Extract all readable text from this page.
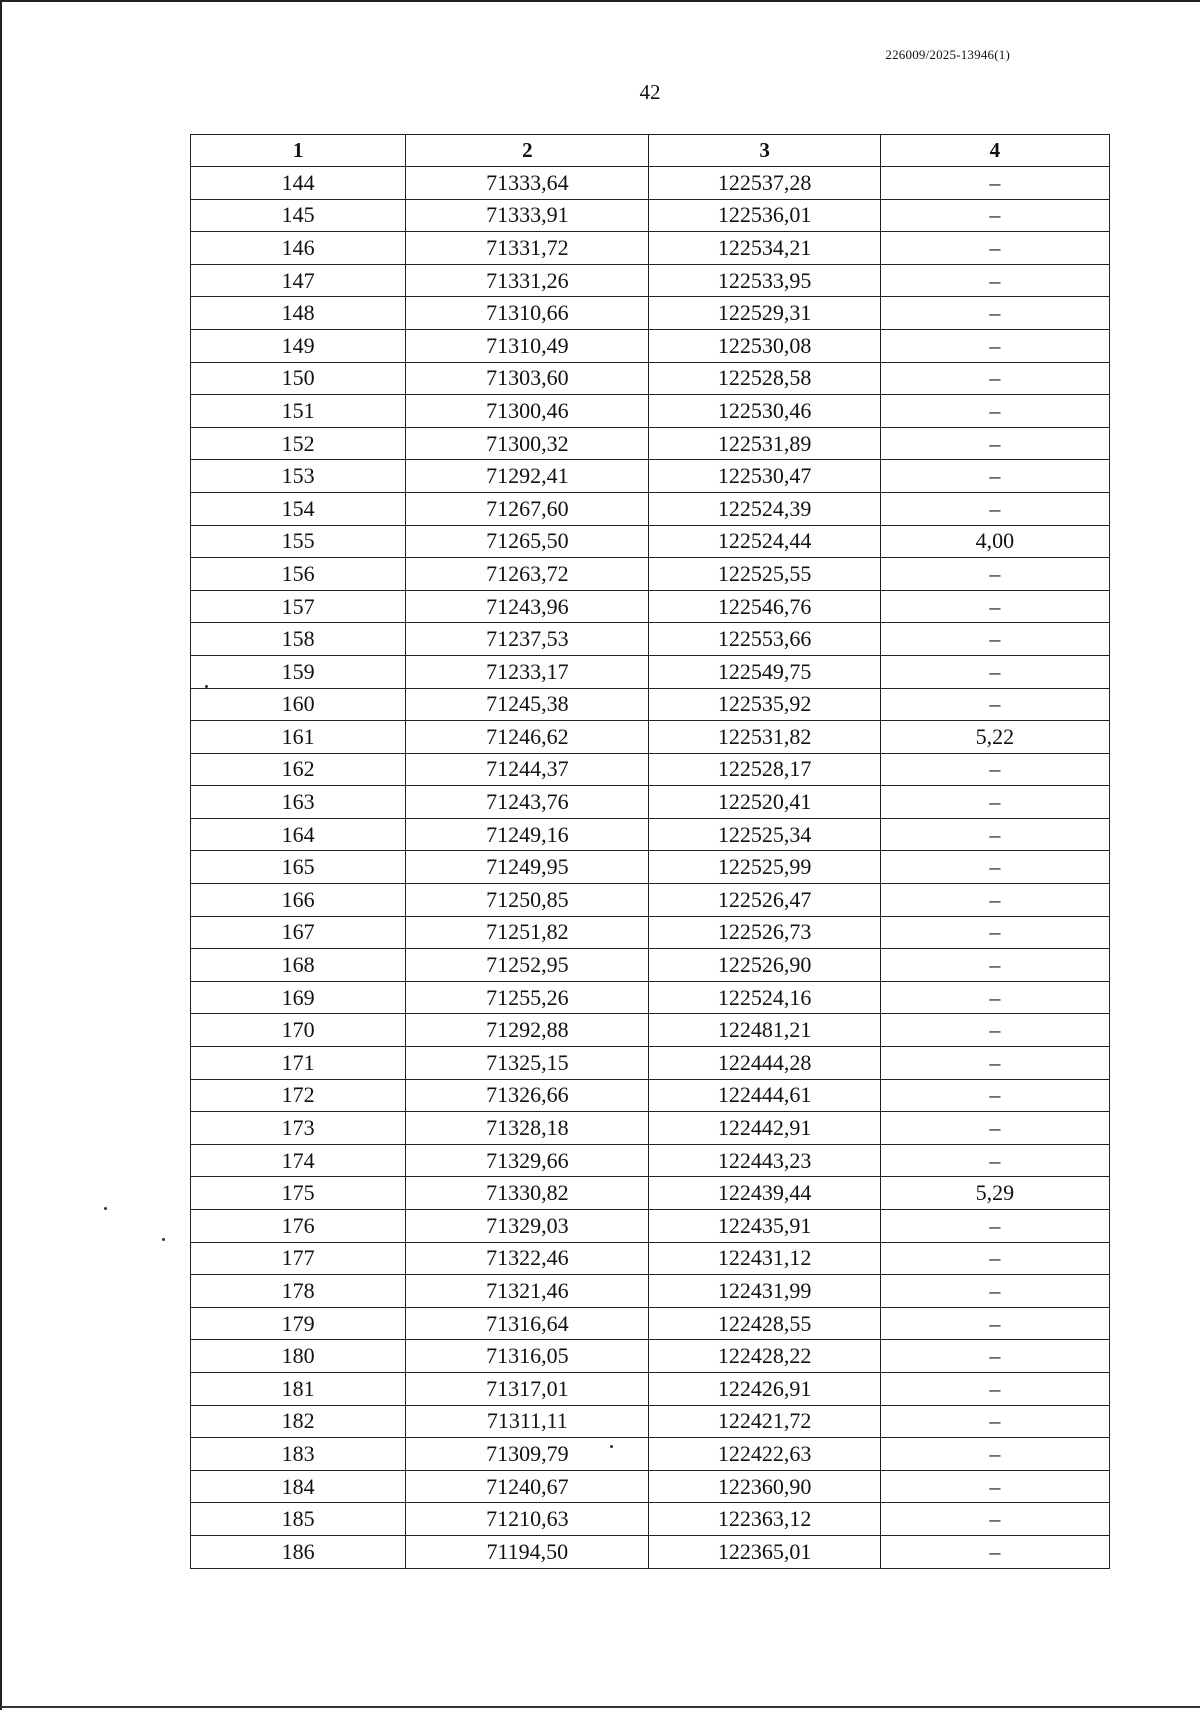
226009/2025-13946(1)
42
1	2	3	4
144	71333,64	122537,28	–
145	71333,91	122536,01	–
146	71331,72	122534,21	–
147	71331,26	122533,95	–
148	71310,66	122529,31	–
149	71310,49	122530,08	–
150	71303,60	122528,58	–
151	71300,46	122530,46	–
152	71300,32	122531,89	–
153	71292,41	122530,47	–
154	71267,60	122524,39	–
155	71265,50	122524,44	4,00
156	71263,72	122525,55	–
157	71243,96	122546,76	–
158	71237,53	122553,66	–
159	71233,17	122549,75	–
160	71245,38	122535,92	–
161	71246,62	122531,82	5,22
162	71244,37	122528,17	–
163	71243,76	122520,41	–
164	71249,16	122525,34	–
165	71249,95	122525,99	–
166	71250,85	122526,47	–
167	71251,82	122526,73	–
168	71252,95	122526,90	–
169	71255,26	122524,16	–
170	71292,88	122481,21	–
171	71325,15	122444,28	–
172	71326,66	122444,61	–
173	71328,18	122442,91	–
174	71329,66	122443,23	–
175	71330,82	122439,44	5,29
176	71329,03	122435,91	–
177	71322,46	122431,12	–
178	71321,46	122431,99	–
179	71316,64	122428,55	–
180	71316,05	122428,22	–
181	71317,01	122426,91	–
182	71311,11	122421,72	–
183	71309,79	122422,63	–
184	71240,67	122360,90	–
185	71210,63	122363,12	–
186	71194,50	122365,01	–
